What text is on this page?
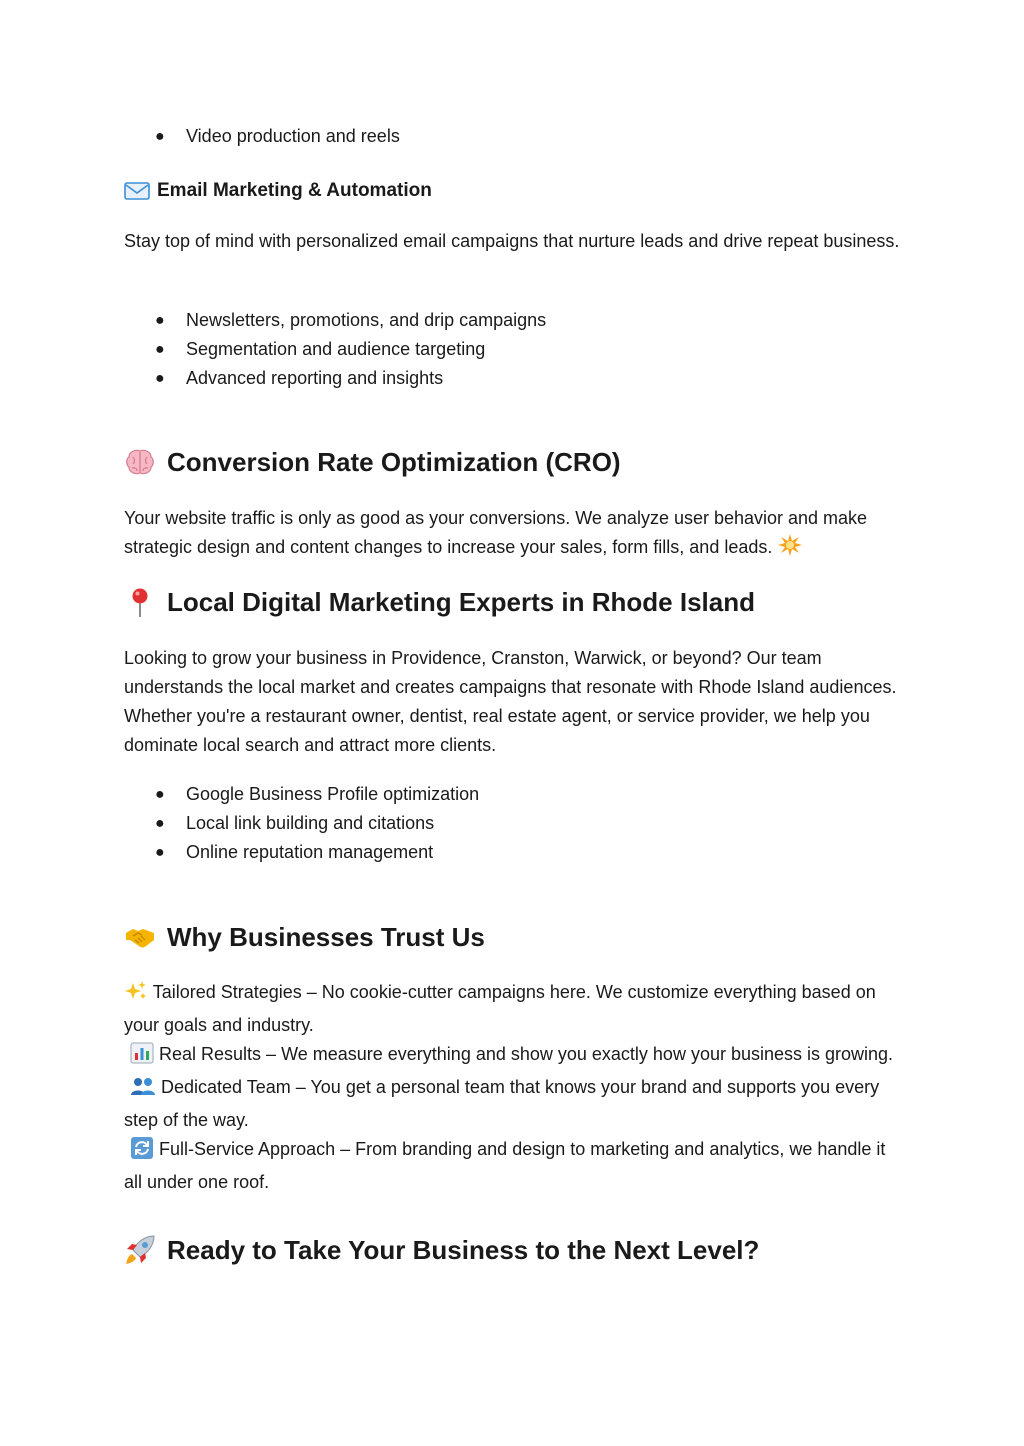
● Video production and reels
Email Marketing & Automation

Stay top of mind with personalized email campaigns that nurture leads and drive repeat business.

● Newsletters, promotions, and drip campaigns
● Segmentation and audience targeting
● Advanced reporting and insights
Conversion Rate Optimization (CRO)

Your website traffic is only as good as your conversions. We analyze user behavior and make strategic design and content changes to increase your sales, form fills, and leads.

Local Digital Marketing Experts in Rhode Island

Looking to grow your business in Providence, Cranston, Warwick, or beyond? Our team understands the local market and creates campaigns that resonate with Rhode Island audiences. Whether you're a restaurant owner, dentist, real estate agent, or service provider, we help you dominate local search and attract more clients.

● Google Business Profile optimization
● Local link building and citations
● Online reputation management
Why Businesses Trust Us

Tailored Strategies – No cookie-cutter campaigns here. We customize everything based on your goals and industry.

Real Results – We measure everything and show you exactly how your business is growing.

Dedicated Team – You get a personal team that knows your brand and supports you every step of the way.

Full-Service Approach – From branding and design to marketing and analytics, we handle it all under one roof.

Ready to Take Your Business to the Next Level?
